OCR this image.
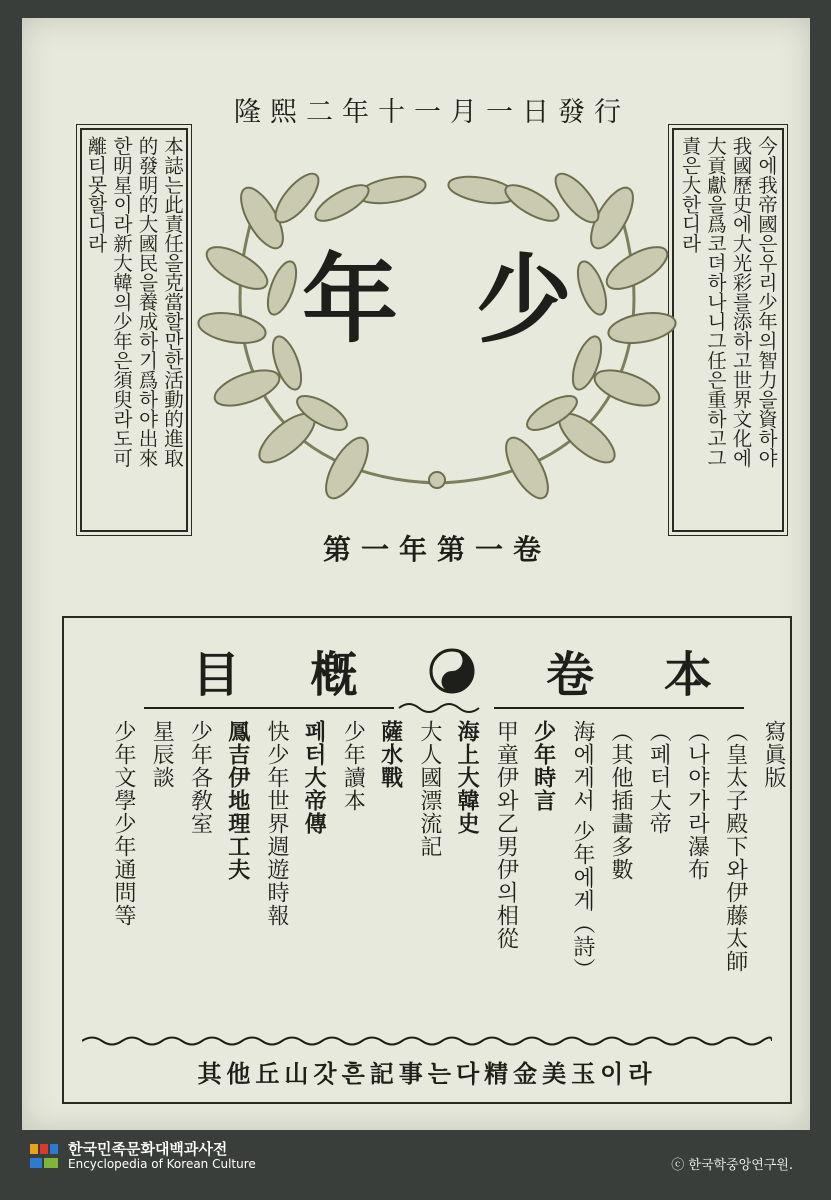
隆熙二年十一月一日發行
本誌는此責任을克當할만한活動的進取
的發明的大國民을養成하기爲하야出來
한明星이라新大韓의少年은須臾라도可
離티못할디라	今에我帝國은우리少年의智力을資하야
我國歷史에大光彩를添하고世界文化에
大貢獻을爲코뎌하나니그任은重하고그
責은大한디라
少
年
第一年第一卷
目 槪	卷 本
寫眞版
（皇太子殿下와伊藤太師
（나야가라瀑布
（페터大帝
（其他插畵多數
海에게서 少年에게（詩）
少年時言
甲童伊와乙男伊의相從
海上大韓史
大人國漂流記
薩水戰
少年讀本
페터大帝傳
快少年世界週遊時報
鳳吉伊地理工夫
少年各敎室
星辰談
少年文學少年通問等
其他丘山갓흔記事는다精金美玉이라
한국민족문화대백과사전
Encyclopedia of Korean Culture	ⓒ 한국학중앙연구원.
